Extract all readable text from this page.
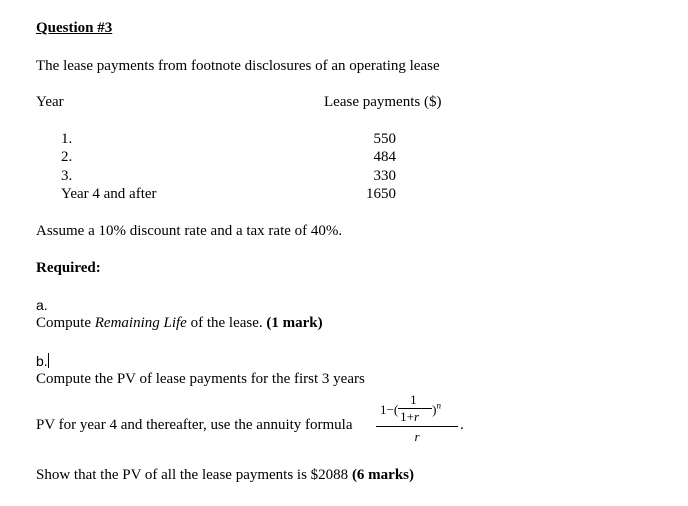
Question #3
The lease payments from footnote disclosures of an operating lease
Year	Lease payments ($)
1.	550
2.	484
3.	330
Year 4 and after	1650
Assume a 10% discount rate and a tax rate of 40%.
Required:
a.
Compute Remaining Life of the lease. (1 mark)
b.
Compute the PV of lease payments for the first 3 years
PV for year 4 and thereafter, use the annuity formula
$1-( \frac{1}{1+r} )^n$
r
.
Show that the PV of all the lease payments is $2088 (6 marks)
